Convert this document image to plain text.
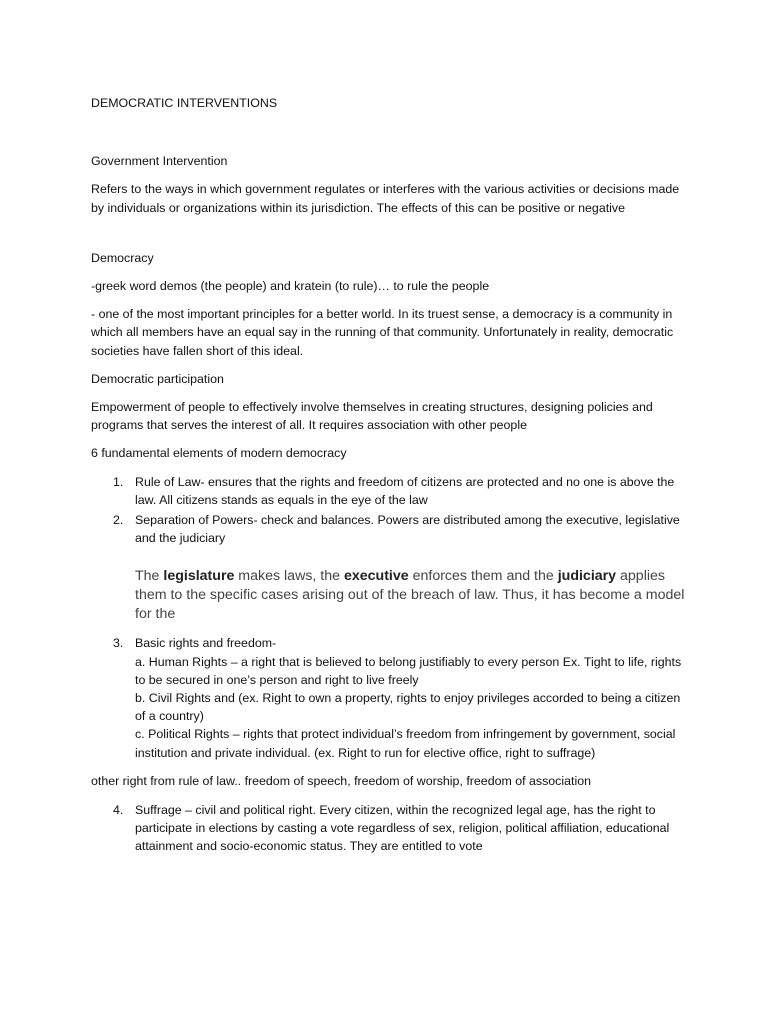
DEMOCRATIC INTERVENTIONS

Government Intervention

Refers to the ways in which government regulates or interferes with the various activities or decisions made by individuals or organizations within its jurisdiction. The effects of this can be positive or negative

Democracy

-greek word demos (the people) and kratein (to rule)… to rule the people

- one of the most important principles for a better world. In its truest sense, a democracy is a community in which all members have an equal say in the running of that community. Unfortunately in reality, democratic societies have fallen short of this ideal.

Democratic participation

Empowerment of people to effectively involve themselves in creating structures, designing policies and programs that serves the interest of all. It requires association with other people

6 fundamental elements of modern democracy

1. Rule of Law- ensures that the rights and freedom of citizens are protected and no one is above the law. All citizens stands as equals in the eye of the law
2. Separation of Powers- check and balances. Powers are distributed among the executive, legislative and the judiciary

The legislature makes laws, the executive enforces them and the judiciary applies them to the specific cases arising out of the breach of law. Thus, it has become a model for the

3. Basic rights and freedom-

a. Human Rights – a right that is believed to belong justifiably to every person Ex. Tight to life, rights to be secured in one’s person and right to live freely

b. Civil Rights and (ex. Right to own a property, rights to enjoy privileges accorded to being a citizen of a country)

c. Political Rights – rights that protect individual’s freedom from infringement by government, social institution and private individual. (ex. Right to run for elective office, right to suffrage)

other right from rule of law.. freedom of speech, freedom of worship, freedom of association

4. Suffrage – civil and political right. Every citizen, within the recognized legal age, has the right to participate in elections by casting a vote regardless of sex, religion, political affiliation, educational attainment and socio-economic status. They are entitled to vote
